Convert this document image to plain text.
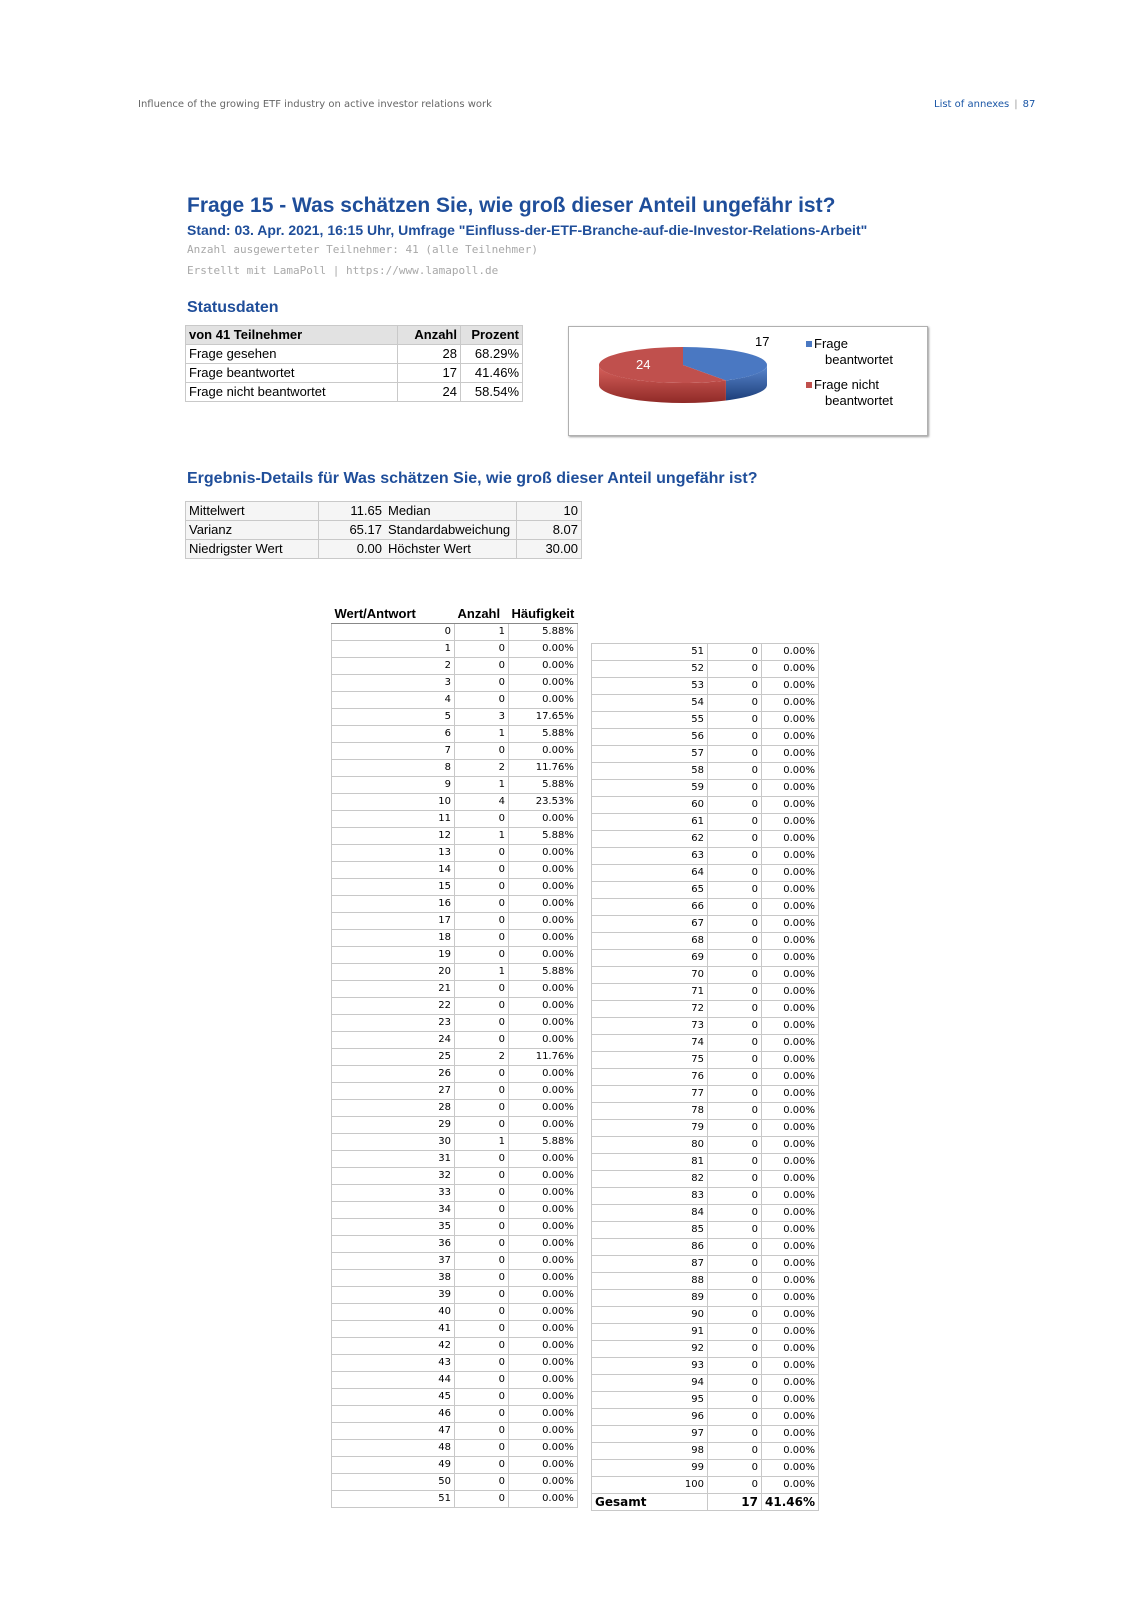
Influence of the growing ETF industry on active investor relations work	List of annexes | 87
Frage 15 - Was schätzen Sie, wie groß dieser Anteil ungefähr ist?
Stand: 03. Apr. 2021, 16:15 Uhr, Umfrage "Einfluss-der-ETF-Branche-auf-die-Investor-Relations-Arbeit"
Anzahl ausgewerteter Teilnehmer: 41 (alle Teilnehmer)
Erstellt mit LamaPoll | https://www.lamapoll.de
Statusdaten
von 41 Teilnehmer	Anzahl	Prozent
Frage gesehen	28	68.29%
Frage beantwortet	17	41.46%
Frage nicht beantwortet	24	58.54%
17
24
Frage beantwortet
Frage nicht beantwortet
Ergebnis-Details für Was schätzen Sie, wie groß dieser Anteil ungefähr ist?
Mittelwert	11.65	Median	10
Varianz	65.17	Standardabweichung	8.07
Niedrigster Wert	0.00	Höchster Wert	30.00
Wert/Antwort	Anzahl	Häufigkeit
0	1	5.88%
1	0	0.00%
2	0	0.00%
3	0	0.00%
4	0	0.00%
5	3	17.65%
6	1	5.88%
7	0	0.00%
8	2	11.76%
9	1	5.88%
10	4	23.53%
11	0	0.00%
12	1	5.88%
13	0	0.00%
14	0	0.00%
15	0	0.00%
16	0	0.00%
17	0	0.00%
18	0	0.00%
19	0	0.00%
20	1	5.88%
21	0	0.00%
22	0	0.00%
23	0	0.00%
24	0	0.00%
25	2	11.76%
26	0	0.00%
27	0	0.00%
28	0	0.00%
29	0	0.00%
30	1	5.88%
31	0	0.00%
32	0	0.00%
33	0	0.00%
34	0	0.00%
35	0	0.00%
36	0	0.00%
37	0	0.00%
38	0	0.00%
39	0	0.00%
40	0	0.00%
41	0	0.00%
42	0	0.00%
43	0	0.00%
44	0	0.00%
45	0	0.00%
46	0	0.00%
47	0	0.00%
48	0	0.00%
49	0	0.00%
50	0	0.00%
51	0	0.00%
51	0	0.00%
52	0	0.00%
53	0	0.00%
54	0	0.00%
55	0	0.00%
56	0	0.00%
57	0	0.00%
58	0	0.00%
59	0	0.00%
60	0	0.00%
61	0	0.00%
62	0	0.00%
63	0	0.00%
64	0	0.00%
65	0	0.00%
66	0	0.00%
67	0	0.00%
68	0	0.00%
69	0	0.00%
70	0	0.00%
71	0	0.00%
72	0	0.00%
73	0	0.00%
74	0	0.00%
75	0	0.00%
76	0	0.00%
77	0	0.00%
78	0	0.00%
79	0	0.00%
80	0	0.00%
81	0	0.00%
82	0	0.00%
83	0	0.00%
84	0	0.00%
85	0	0.00%
86	0	0.00%
87	0	0.00%
88	0	0.00%
89	0	0.00%
90	0	0.00%
91	0	0.00%
92	0	0.00%
93	0	0.00%
94	0	0.00%
95	0	0.00%
96	0	0.00%
97	0	0.00%
98	0	0.00%
99	0	0.00%
100	0	0.00%
Gesamt	17	41.46%
